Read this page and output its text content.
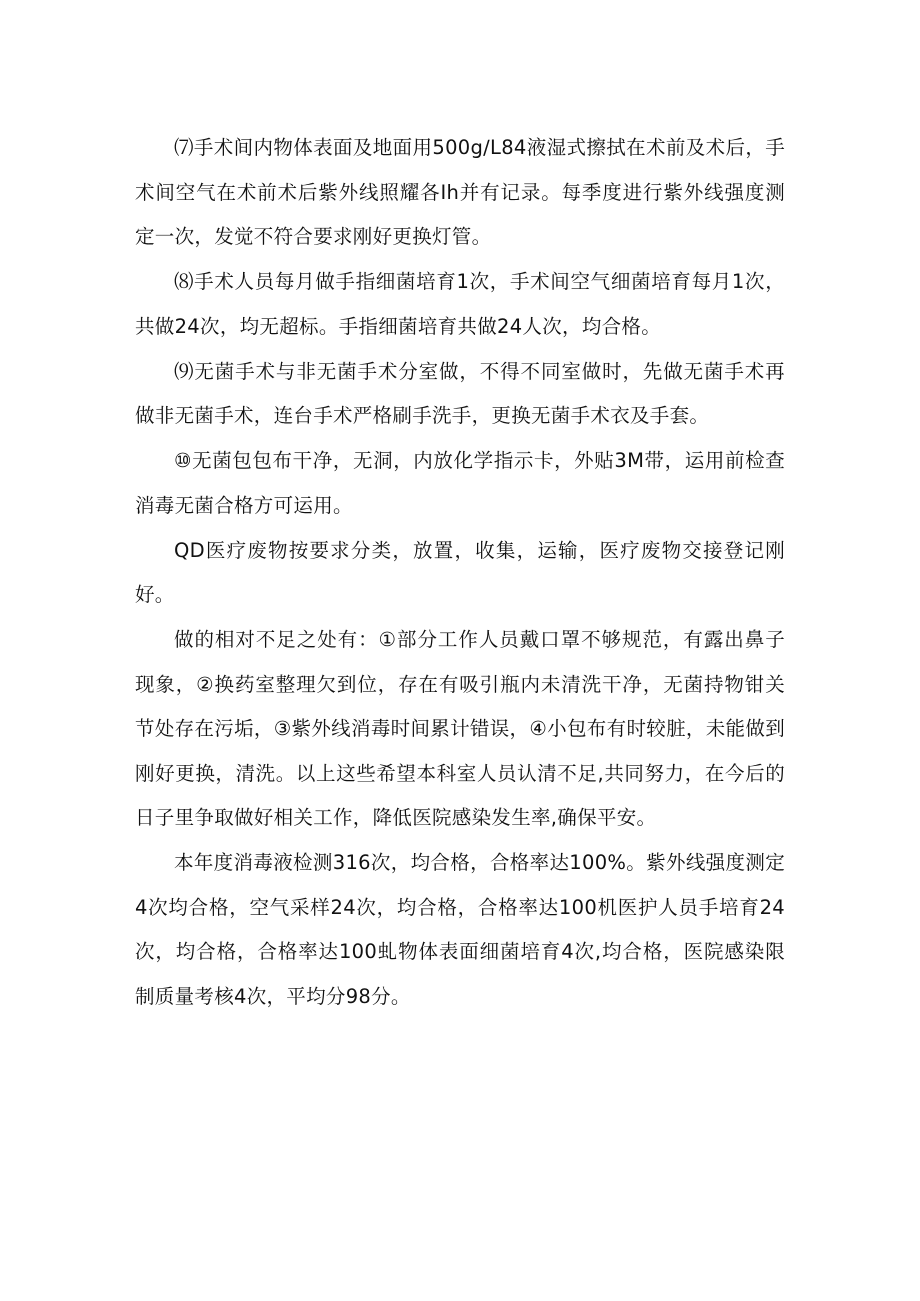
⑺手术间内物体表面及地面用500g∕L84液湿式擦拭在术前及术后，手术间空气在术前术后紫外线照耀各Ih并有记录。每季度进行紫外线强度测定一次，发觉不符合要求刚好更换灯管。

⑻手术人员每月做手指细菌培育1次，手术间空气细菌培育每月1次，共做24次，均无超标。手指细菌培育共做24人次，均合格。

⑼无菌手术与非无菌手术分室做，不得不同室做时，先做无菌手术再做非无菌手术，连台手术严格刷手洗手，更换无菌手术衣及手套。

⑩无菌包包布干净，无洞，内放化学指示卡，外贴3M带，运用前检查消毒无菌合格方可运用。

QD医疗废物按要求分类，放置，收集，运输，医疗废物交接登记刚好。

做的相对不足之处有：①部分工作人员戴口罩不够规范，有露出鼻子现象，②换药室整理欠到位，存在有吸引瓶内未清洗干净，无菌持物钳关节处存在污垢，③紫外线消毒时间累计错误，④小包布有时较脏，未能做到刚好更换，清洗。以上这些希望本科室人员认清不足,共同努力，在今后的日子里争取做好相关工作，降低医院感染发生率,确保平安。

本年度消毒液检测316次，均合格，合格率达100%。紫外线强度测定4次均合格，空气采样24次，均合格，合格率达100机医护人员手培育24次，均合格，合格率达100虬物体表面细菌培育4次,均合格，医院感染限制质量考核4次，平均分98分。
